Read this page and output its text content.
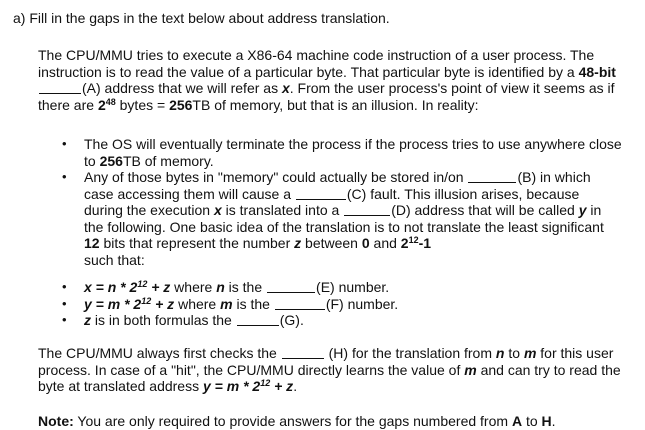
a) Fill in the gaps in the text below about address translation.
The CPU/MMU tries to execute a X86-64 machine code instruction of a user process. The instruction is to read the value of a particular byte. That particular byte is identified by a 48-bit(A) address that we will refer as x. From the user process's point of view it seems as if there are $2^{48}$ bytes = 256TB of memory, but that is an illusion. In reality:
• The OS will eventually terminate the process if the process tries to use anywhere close to 256TB of memory.
• Any of those bytes in "memory" could actually be stored in/on	(B) in which case accessing them will cause a	(C) fault. This illusion arises, because during the execution x is translated into a	(D) address that will be called y in the following. One basic idea of the translation is to not translate the least significant 12 bits that represent the number z between 0 and $2^{12}-1$
such that:
• $x = n * 2^{12} + z$ where n is the	(E) number.
• $y = m * 2^{12} + z$ where m is the	(F) number.
• z is in both formulas the	(G).
The CPU/MMU always first checks the	(H) for the translation from n to m for this user process. In case of a "hit", the CPU/MMU directly learns the value of m and can try to read the byte at translated address $y = m * 2^{12} + z$.
Note: You are only required to provide answers for the gaps numbered from A to H.
